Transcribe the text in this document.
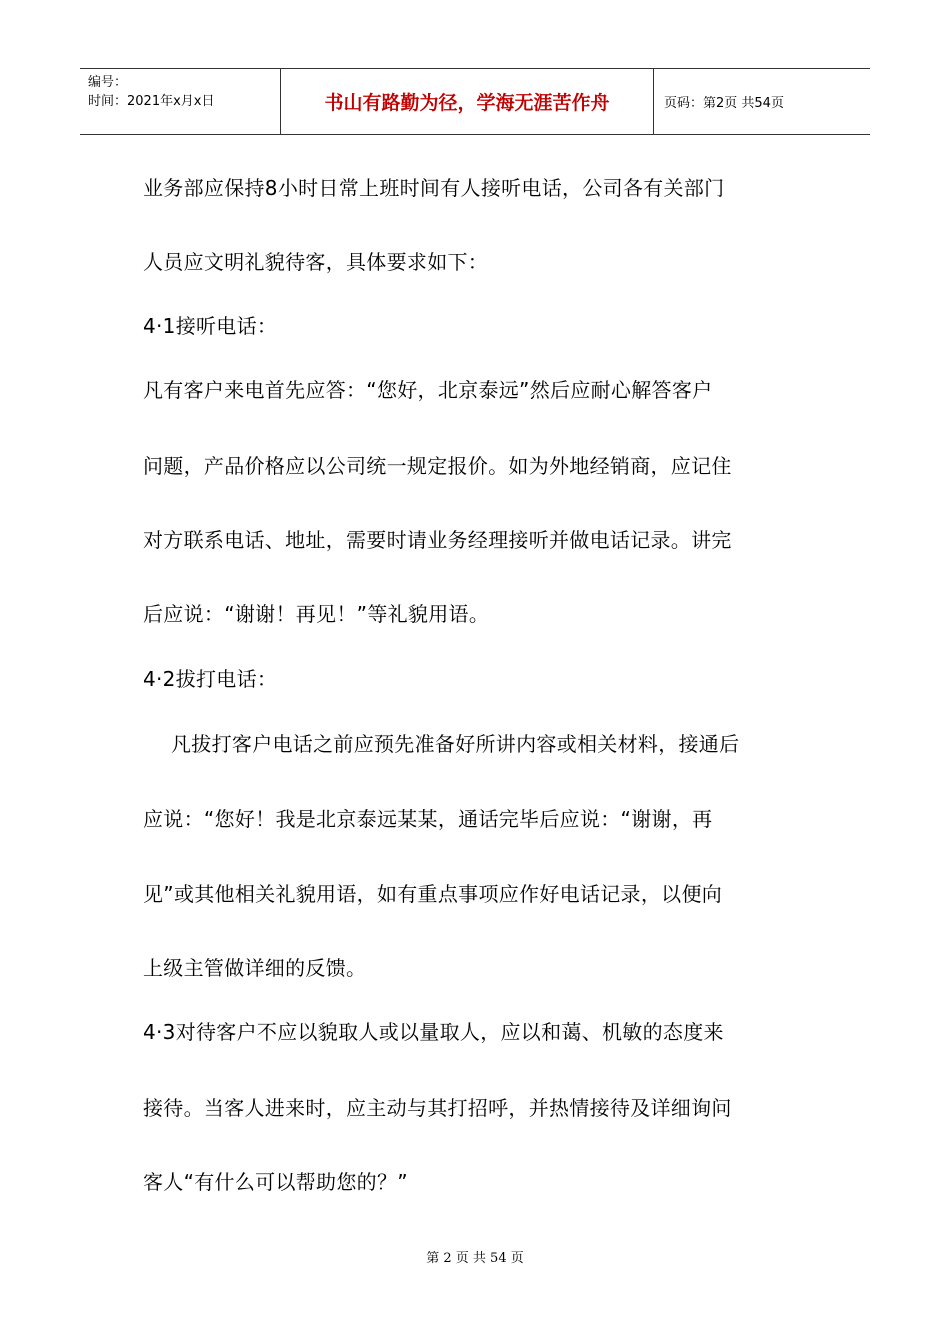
编号：
时间：2021年x月x日	书山有路勤为径，学海无涯苦作舟	页码：第2页 共54页
业务部应保持8小时日常上班时间有人接听电话，公司各有关部门
人员应文明礼貌待客，具体要求如下：
4·1接听电话：
凡有客户来电首先应答：“您好，北京泰远”然后应耐心解答客户
问题，产品价格应以公司统一规定报价。如为外地经销商，应记住
对方联系电话、地址，需要时请业务经理接听并做电话记录。讲完
后应说：“谢谢！再见！”等礼貌用语。
4·2拔打电话：
凡拔打客户电话之前应预先准备好所讲内容或相关材料，接通后
应说：“您好！我是北京泰远某某，通话完毕后应说：“谢谢，再
见”或其他相关礼貌用语，如有重点事项应作好电话记录，以便向
上级主管做详细的反馈。
4·3对待客户不应以貌取人或以量取人，应以和蔼、机敏的态度来
接待。当客人进来时，应主动与其打招呼，并热情接待及详细询问
客人“有什么可以帮助您的？”
第 2 页 共 54 页
